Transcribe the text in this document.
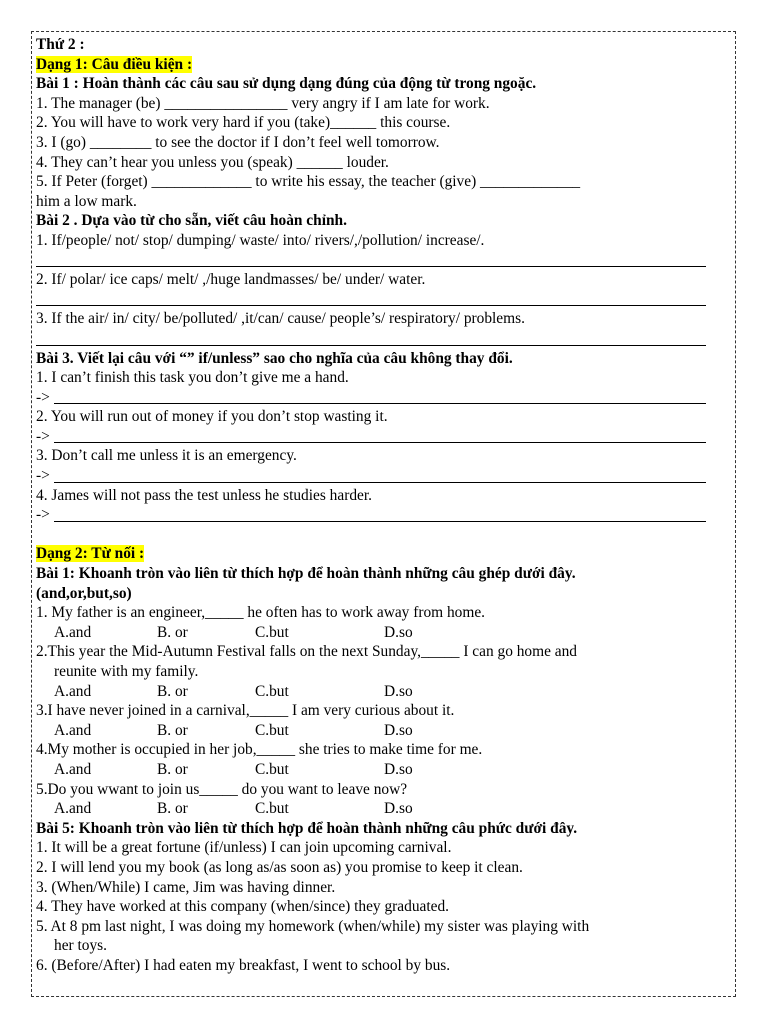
Thứ 2 :

Dạng 1: Câu điều kiện :

Bài 1 : Hoàn thành các câu sau sử dụng dạng đúng của động từ trong ngoặc.

1. The manager (be) ________________ very angry if I am late for work.

2. You will have to work very hard if you (take)______ this course.

3. I (go) ________ to see the doctor if I don’t feel well tomorrow.

4. They can’t hear you unless you (speak) ______ louder.

5. If Peter (forget) _____________ to write his essay, the teacher (give) _____________

him a low mark.

Bài 2 . Dựa vào từ cho sẵn, viết câu hoàn chỉnh.

1. If/people/ not/ stop/ dumping/ waste/ into/ rivers/,/pollution/ increase/.

2. If/ polar/ ice caps/ melt/ ,/huge landmasses/ be/ under/ water.

3. If the air/ in/ city/ be/polluted/ ,it/can/ cause/ people’s/ respiratory/ problems.

Bài 3. Viết lại câu với “” if/unless” sao cho nghĩa của câu không thay đổi.

1. I can’t finish this task you don’t give me a hand.

->

2. You will run out of money if you don’t stop wasting it.

->

3. Don’t call me unless it is an emergency.

->

4. James will not pass the test unless he studies harder.

->

Dạng 2: Từ nối :

Bài 1: Khoanh tròn vào liên từ thích hợp để hoàn thành những câu ghép dưới đây.

(and,or,but,so)

1. My father is an engineer,_____ he often has to work away from home.

A.and	B. or	C.but	D.so

2.This year the Mid-Autumn Festival falls on the next Sunday,_____ I can go home and

reunite with my family.

A.and	B. or	C.but	D.so

3.I have never joined in a carnival,_____ I am very curious about it.

A.and	B. or	C.but	D.so

4.My mother is occupied in her job,_____ she tries to make time for me.

A.and	B. or	C.but	D.so

5.Do you wwant to join us_____ do you want to leave now?

A.and	B. or	C.but	D.so

Bài 5: Khoanh tròn vào liên từ thích hợp để hoàn thành những câu phức dưới đây.

1. It will be a great fortune (if/unless) I can join upcoming carnival.

2. I will lend you my book (as long as/as soon as) you promise to keep it clean.

3. (When/While) I came, Jim was having dinner.

4. They have worked at this company (when/since) they graduated.

5. At 8 pm last night, I was doing my homework (when/while) my sister was playing with

her toys.

6. (Before/After) I had eaten my breakfast, I went to school by bus.
